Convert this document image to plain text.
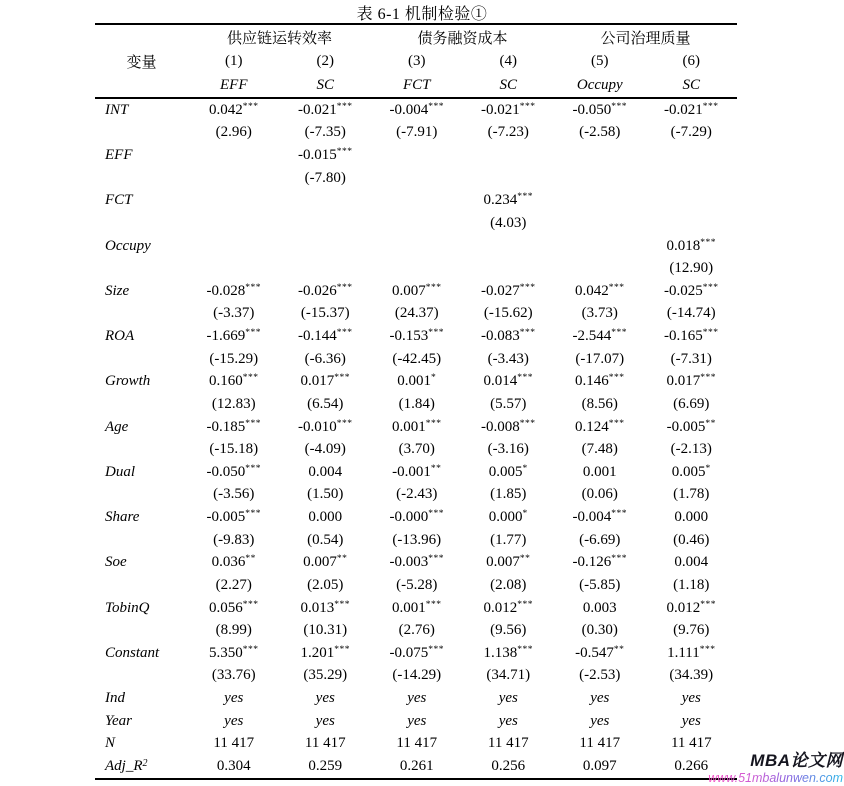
表 6-1 机制检验①
	供应链运转效率		债务融资成本		公司治理质量	
变量	(1)	(2)	(3)	(4)	(5)	(6)
	EFF	SC	FCT	SC	Occupy	SC
INT	0.042***	-0.021***	-0.004***	-0.021***	-0.050***	-0.021***
	(2.96)	(-7.35)	(-7.91)	(-7.23)	(-2.58)	(-7.29)
EFF		-0.015***				
		(-7.80)				
FCT				0.234***		
				(4.03)		
Occupy						0.018***
						(12.90)
Size	-0.028***	-0.026***	0.007***	-0.027***	0.042***	-0.025***
	(-3.37)	(-15.37)	(24.37)	(-15.62)	(3.73)	(-14.74)
ROA	-1.669***	-0.144***	-0.153***	-0.083***	-2.544***	-0.165***
	(-15.29)	(-6.36)	(-42.45)	(-3.43)	(-17.07)	(-7.31)
Growth	0.160***	0.017***	0.001*	0.014***	0.146***	0.017***
	(12.83)	(6.54)	(1.84)	(5.57)	(8.56)	(6.69)
Age	-0.185***	-0.010***	0.001***	-0.008***	0.124***	-0.005**
	(-15.18)	(-4.09)	(3.70)	(-3.16)	(7.48)	(-2.13)
Dual	-0.050***	0.004	-0.001**	0.005*	0.001	0.005*
	(-3.56)	(1.50)	(-2.43)	(1.85)	(0.06)	(1.78)
Share	-0.005***	0.000	-0.000***	0.000*	-0.004***	0.000
	(-9.83)	(0.54)	(-13.96)	(1.77)	(-6.69)	(0.46)
Soe	0.036**	0.007**	-0.003***	0.007**	-0.126***	0.004
	(2.27)	(2.05)	(-5.28)	(2.08)	(-5.85)	(1.18)
TobinQ	0.056***	0.013***	0.001***	0.012***	0.003	0.012***
	(8.99)	(10.31)	(2.76)	(9.56)	(0.30)	(9.76)
Constant	5.350***	1.201***	-0.075***	1.138***	-0.547**	1.111***
	(33.76)	(35.29)	(-14.29)	(34.71)	(-2.53)	(34.39)
Ind	yes	yes	yes	yes	yes	yes
Year	yes	yes	yes	yes	yes	yes
N	11 417	11 417	11 417	11 417	11 417	11 417
$Adj\_R^2$	0.304	0.259	0.261	0.256	0.097	0.266	MBA论文网
www.51mbalunwen.com
